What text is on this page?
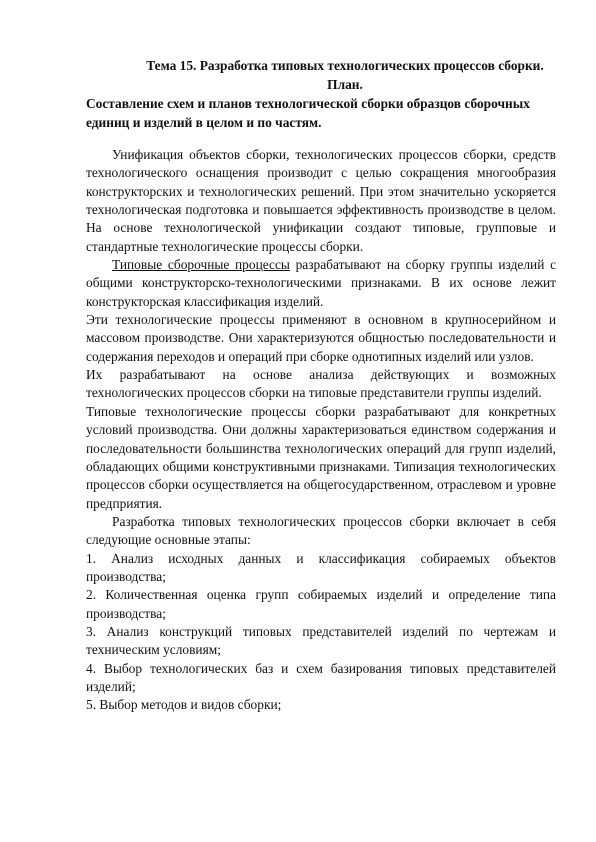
Тема 15. Разработка типовых технологических процессов сборки.

План.

Составление схем и планов технологической сборки образцов сборочных единиц и изделий в целом и по частям.

Унификация объектов сборки, технологических процессов сборки, средств технологического оснащения производит с целью сокращения многообразия конструкторских и технологических решений. При этом значительно ускоряется технологическая подготовка и повышается эффективность производстве в целом. На основе технологической унификации создают типовые, групповые и стандартные технологические процессы сборки.

Типовые сборочные процессы разрабатывают на сборку группы изделий с общими конструкторско-технологическими признаками. В их основе лежит конструкторская классификация изделий.

Эти технологические процессы применяют в основном в крупносерийном и массовом производстве. Они характеризуются общностью последовательности и содержания переходов и операций при сборке однотипных изделий или узлов.

Их разрабатывают на основе анализа действующих и возможных технологических процессов сборки на типовые представители группы изделий.

Типовые технологические процессы сборки разрабатывают для конкретных условий производства. Они должны характеризоваться единством содержания и последовательности большинства технологических операций для групп изделий, обладающих общими конструктивными признаками. Типизация технологических процессов сборки осуществляется на общегосударственном, отраслевом и уровне предприятия.

Разработка типовых технологических процессов сборки включает в себя следующие основные этапы:

1. Анализ исходных данных и классификация собираемых объектов производства;

2. Количественная оценка групп собираемых изделий и определение типа производства;

3. Анализ конструкций типовых представителей изделий по чертежам и техническим условиям;

4. Выбор технологических баз и схем базирования типовых представителей изделий;

5. Выбор методов и видов сборки;
